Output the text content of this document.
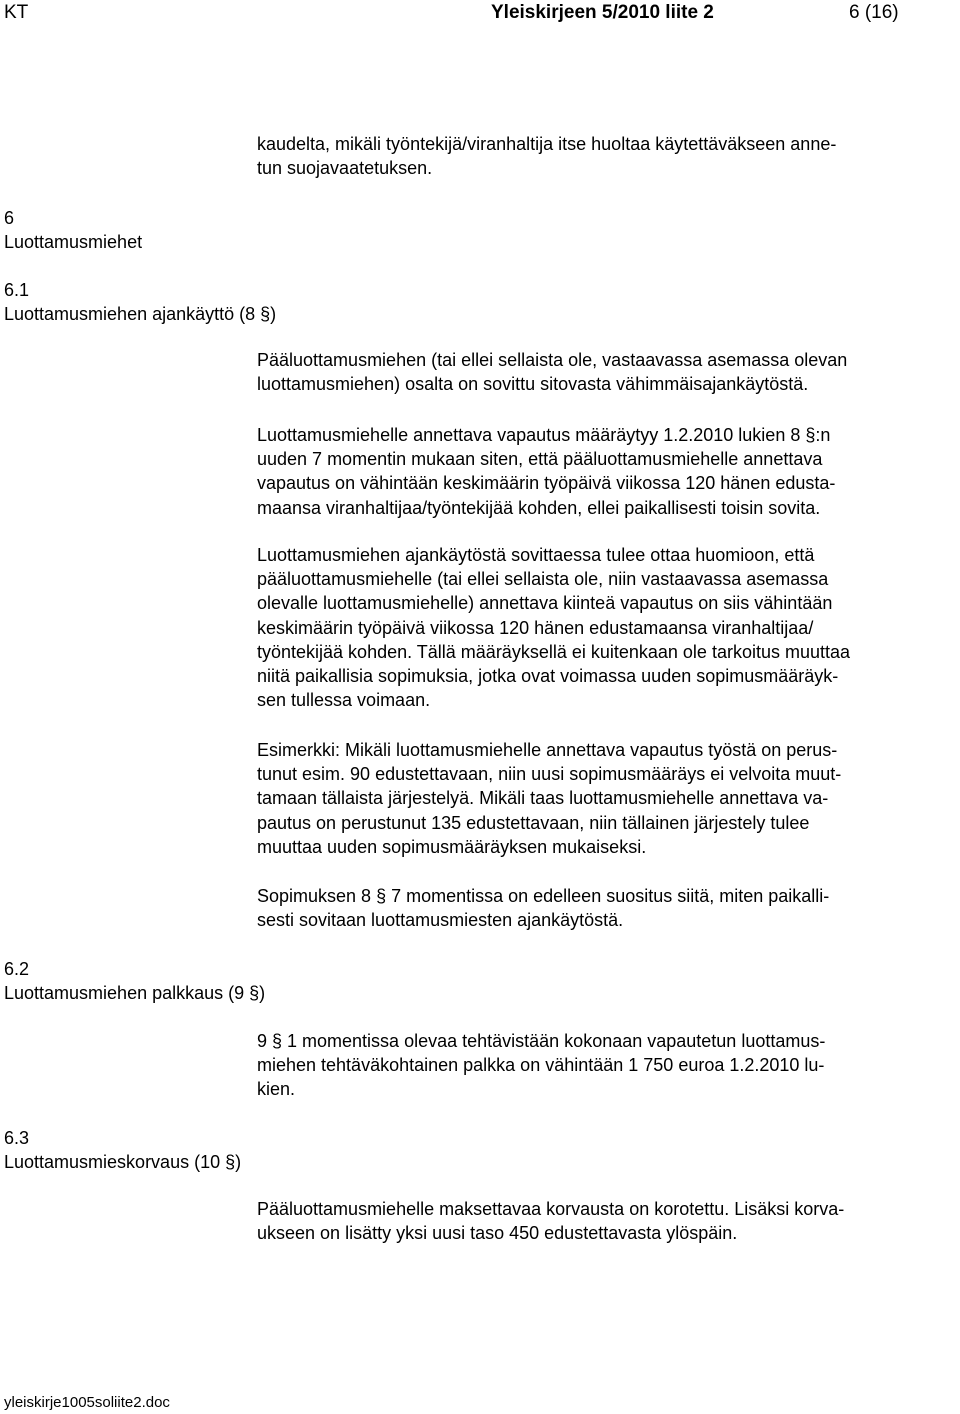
KT	Yleiskirjeen 5/2010 liite 2	6 (16)
6
Luottamusmiehet
6.1
Luottamusmiehen ajankäyttö (8 §)
6.2
Luottamusmiehen palkkaus (9 §)
6.3
Luottamusmieskorvaus (10 §)
kaudelta, mikäli työntekijä/viranhaltija itse huoltaa käytettäväkseen anne-
tun suojavaatetuksen.
Pääluottamusmiehen (tai ellei sellaista ole, vastaavassa asemassa olevan
luottamusmiehen) osalta on sovittu sitovasta vähimmäisajankäytöstä.
Luottamusmiehelle annettava vapautus määräytyy 1.2.2010 lukien 8 §:n
uuden 7 momentin mukaan siten, että pääluottamusmiehelle annettava
vapautus on vähintään keskimäärin työpäivä viikossa 120 hänen edusta-
maansa viranhaltijaa/työntekijää kohden, ellei paikallisesti toisin sovita.
Luottamusmiehen ajankäytöstä sovittaessa tulee ottaa huomioon, että
pääluottamusmiehelle (tai ellei sellaista ole, niin vastaavassa asemassa
olevalle luottamusmiehelle) annettava kiinteä vapautus on siis vähintään
keskimäärin työpäivä viikossa 120 hänen edustamaansa viranhaltijaa/
työntekijää kohden. Tällä määräyksellä ei kuitenkaan ole tarkoitus muuttaa
niitä paikallisia sopimuksia, jotka ovat voimassa uuden sopimusmääräyk-
sen tullessa voimaan.
Esimerkki: Mikäli luottamusmiehelle annettava vapautus työstä on perus-
tunut esim. 90 edustettavaan, niin uusi sopimusmääräys ei velvoita muut-
tamaan tällaista järjestelyä. Mikäli taas luottamusmiehelle annettava va-
pautus on perustunut 135 edustettavaan, niin tällainen järjestely tulee
muuttaa uuden sopimusmääräyksen mukaiseksi.
Sopimuksen 8 § 7 momentissa on edelleen suositus siitä, miten paikalli-
sesti sovitaan luottamusmiesten ajankäytöstä.
9 § 1 momentissa olevaa tehtävistään kokonaan vapautetun luottamus-
miehen tehtäväkohtainen palkka on vähintään 1 750 euroa 1.2.2010 lu-
kien.
Pääluottamusmiehelle maksettavaa korvausta on korotettu. Lisäksi korva-
ukseen on lisätty yksi uusi taso 450 edustettavasta ylöspäin.
yleiskirje1005soliite2.doc
